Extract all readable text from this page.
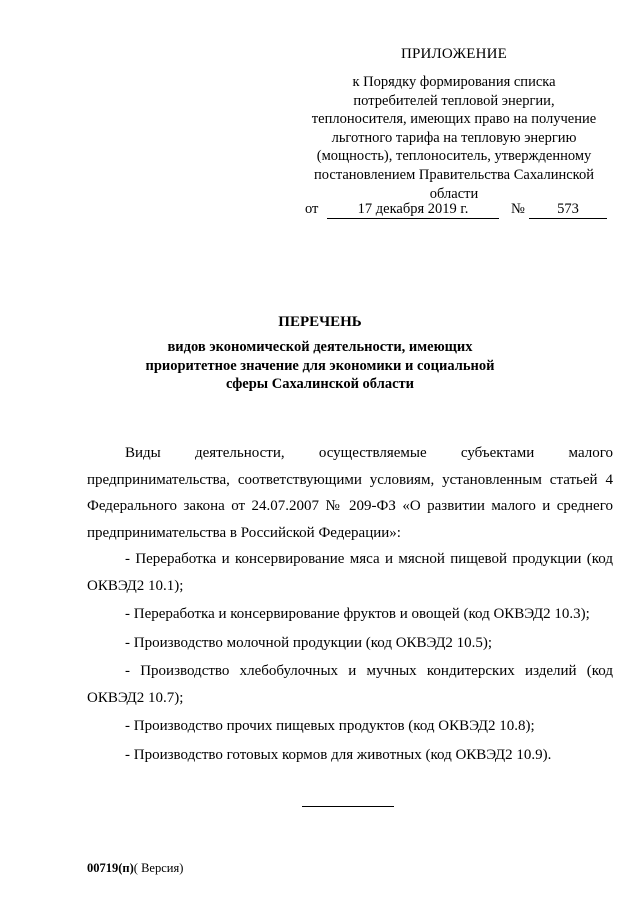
ПРИЛОЖЕНИЕ
к Порядку формирования списка
потребителей тепловой энергии,
теплоносителя, имеющих право на получение
льготного тарифа на тепловую энергию
(мощность), теплоноситель, утвержденному
постановлением Правительства Сахалинской
области
от	17 декабря 2019 г.	№	573
ПЕРЕЧЕНЬ
видов экономической деятельности, имеющих
приоритетное значение для экономики и социальной
сферы Сахалинской области

Виды деятельности, осуществляемые субъектами малого предпринимательства, соответствующими условиям, установленным статьей 4 Федерального закона от 24.07.2007 № 209-ФЗ «О развитии малого и среднего предпринимательства в Российской Федерации»:

- Переработка и консервирование мяса и мясной пищевой продукции (код ОКВЭД2 10.1);

- Переработка и консервирование фруктов и овощей (код ОКВЭД2 10.3);

- Производство молочной продукции (код ОКВЭД2 10.5);

- Производство хлебобулочных и мучных кондитерских изделий (код ОКВЭД2 10.7);

- Производство прочих пищевых продуктов (код ОКВЭД2 10.8);

- Производство готовых кормов для животных (код ОКВЭД2 10.9).

00719(п)( Версия)
